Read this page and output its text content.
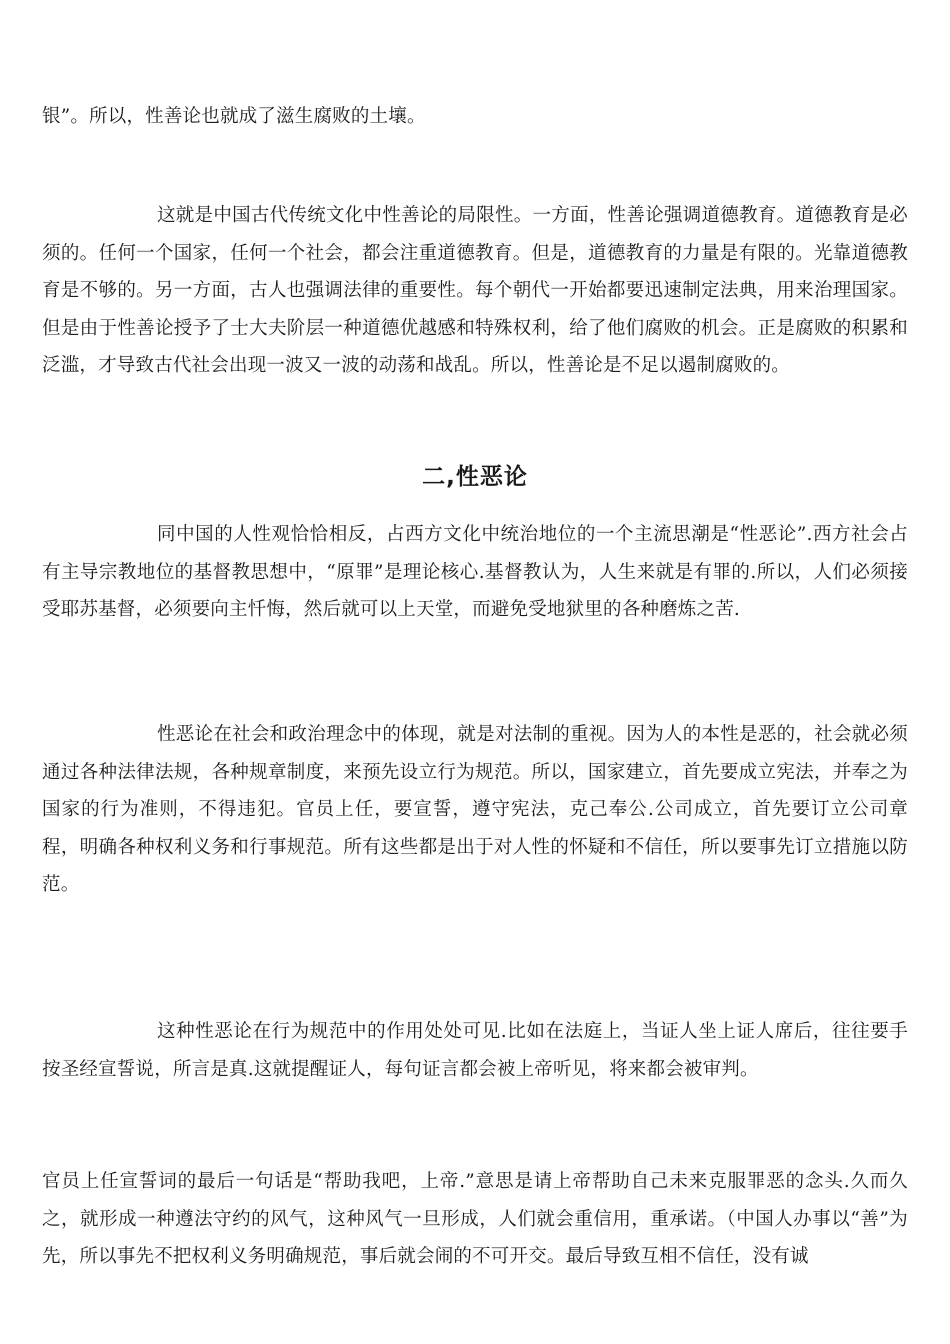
银”。所以，性善论也就成了滋生腐败的土壤。

这就是中国古代传统文化中性善论的局限性。一方面，性善论强调道德教育。道德教育是必须的。任何一个国家，任何一个社会，都会注重道德教育。但是，道德教育的力量是有限的。光靠道德教育是不够的。另一方面，古人也强调法律的重要性。每个朝代一开始都要迅速制定法典，用来治理国家。但是由于性善论授予了士大夫阶层一种道德优越感和特殊权利，给了他们腐败的机会。正是腐败的积累和泛滥，才导致古代社会出现一波又一波的动荡和战乱。所以，性善论是不足以遏制腐败的。

二,性恶论

同中国的人性观恰恰相反，占西方文化中统治地位的一个主流思潮是“性恶论”.西方社会占有主导宗教地位的基督教思想中，“原罪”是理论核心.基督教认为，人生来就是有罪的.所以，人们必须接受耶苏基督，必须要向主忏悔，然后就可以上天堂，而避免受地狱里的各种磨炼之苦.

性恶论在社会和政治理念中的体现，就是对法制的重视。因为人的本性是恶的，社会就必须通过各种法律法规，各种规章制度，来预先设立行为规范。所以，国家建立，首先要成立宪法，并奉之为国家的行为准则，不得违犯。官员上任，要宣誓，遵守宪法，克己奉公.公司成立，首先要订立公司章程，明确各种权利义务和行事规范。所有这些都是出于对人性的怀疑和不信任，所以要事先订立措施以防范。

这种性恶论在行为规范中的作用处处可见.比如在法庭上，当证人坐上证人席后，往往要手按圣经宣誓说，所言是真.这就提醒证人，每句证言都会被上帝听见，将来都会被审判。

官员上任宣誓词的最后一句话是“帮助我吧，上帝.”意思是请上帝帮助自己未来克服罪恶的念头.久而久之，就形成一种遵法守约的风气，这种风气一旦形成，人们就会重信用，重承诺。（中国人办事以“善”为先，所以事先不把权利义务明确规范，事后就会闹的不可开交。最后导致互相不信任，没有诚
